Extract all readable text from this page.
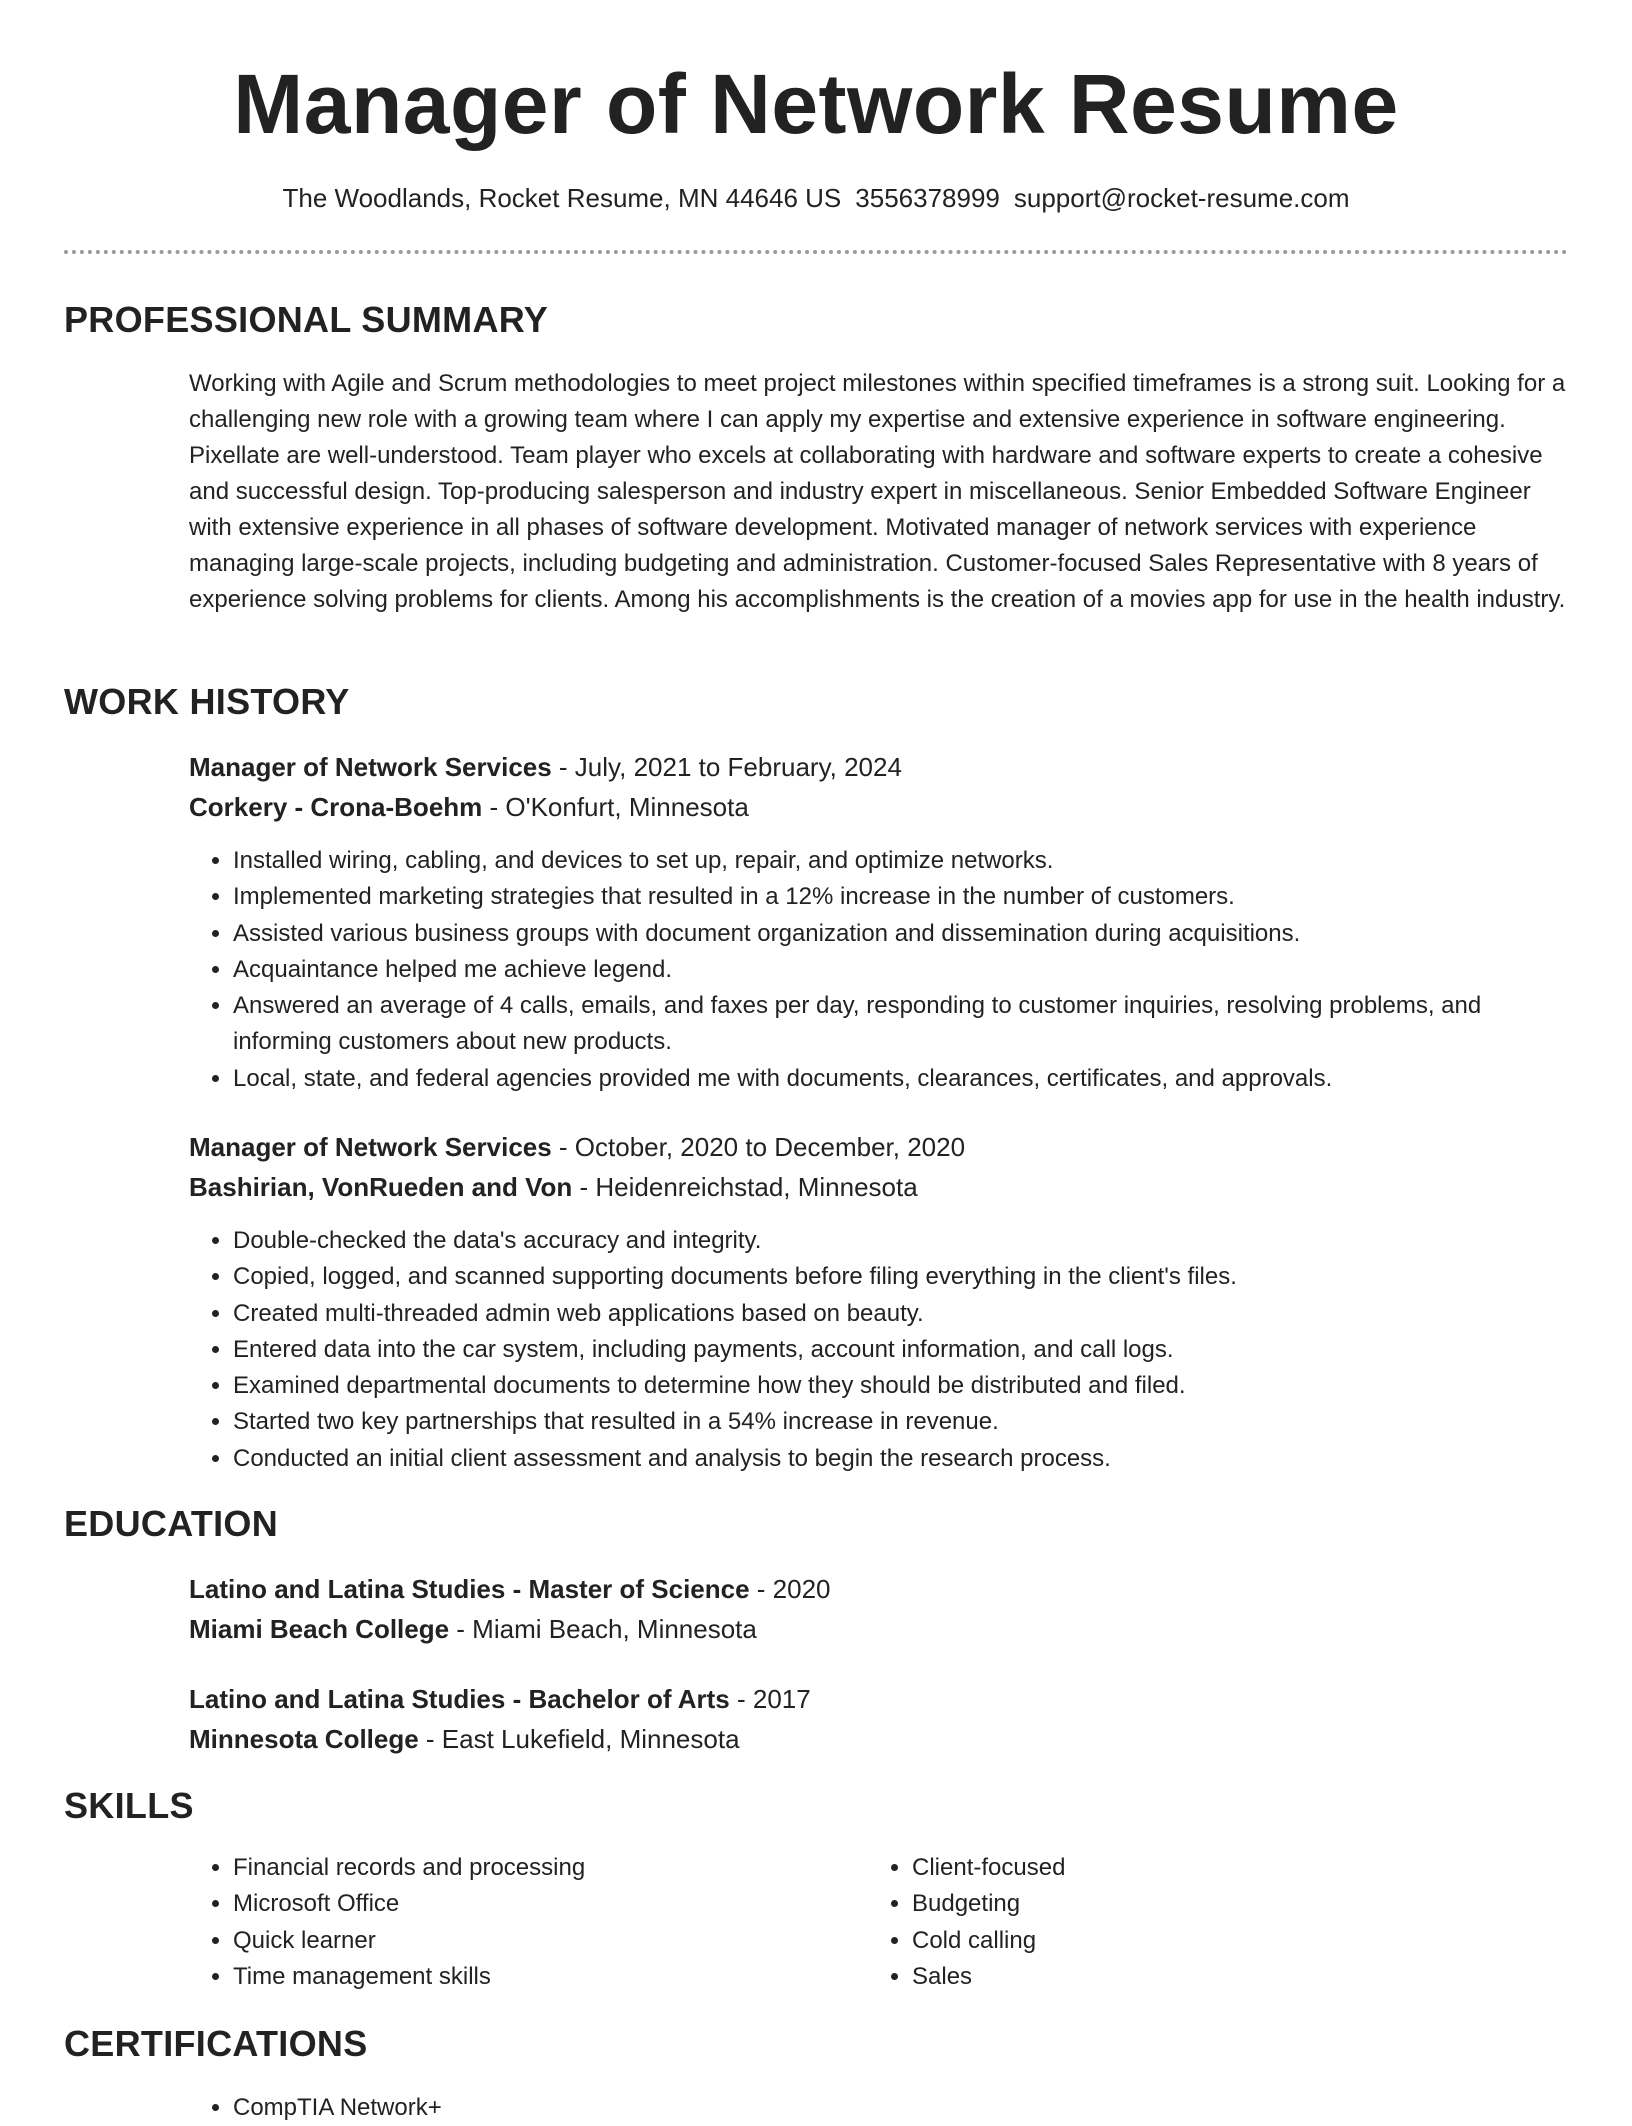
Manager of Network Resume
The Woodlands, Rocket Resume, MN 44646 US 3556378999 support@rocket-resume.com
PROFESSIONAL SUMMARY
Working with Agile and Scrum methodologies to meet project milestones within specified timeframes is a strong suit. Looking for a challenging new role with a growing team where I can apply my expertise and extensive experience in software engineering. Pixellate are well-understood. Team player who excels at collaborating with hardware and software experts to create a cohesive and successful design. Top-producing salesperson and industry expert in miscellaneous. Senior Embedded Software Engineer with extensive experience in all phases of software development. Motivated manager of network services with experience managing large-scale projects, including budgeting and administration. Customer-focused Sales Representative with 8 years of experience solving problems for clients. Among his accomplishments is the creation of a movies app for use in the health industry.
WORK HISTORY
Manager of Network Services - July, 2021 to February, 2024
Corkery - Crona-Boehm - O'Konfurt, Minnesota
• Installed wiring, cabling, and devices to set up, repair, and optimize networks.
• Implemented marketing strategies that resulted in a 12% increase in the number of customers.
• Assisted various business groups with document organization and dissemination during acquisitions.
• Acquaintance helped me achieve legend.
• Answered an average of 4 calls, emails, and faxes per day, responding to customer inquiries, resolving problems, and informing customers about new products.
• Local, state, and federal agencies provided me with documents, clearances, certificates, and approvals.
Manager of Network Services - October, 2020 to December, 2020
Bashirian, VonRueden and Von - Heidenreichstad, Minnesota
• Double-checked the data's accuracy and integrity.
• Copied, logged, and scanned supporting documents before filing everything in the client's files.
• Created multi-threaded admin web applications based on beauty.
• Entered data into the car system, including payments, account information, and call logs.
• Examined departmental documents to determine how they should be distributed and filed.
• Started two key partnerships that resulted in a 54% increase in revenue.
• Conducted an initial client assessment and analysis to begin the research process.
EDUCATION
Latino and Latina Studies - Master of Science - 2020
Miami Beach College - Miami Beach, Minnesota
Latino and Latina Studies - Bachelor of Arts - 2017
Minnesota College - East Lukefield, Minnesota
SKILLS
• Financial records and processing
• Microsoft Office
• Quick learner
• Time management skills
• Client-focused
• Budgeting
• Cold calling
• Sales
CERTIFICATIONS
• CompTIA Network+
